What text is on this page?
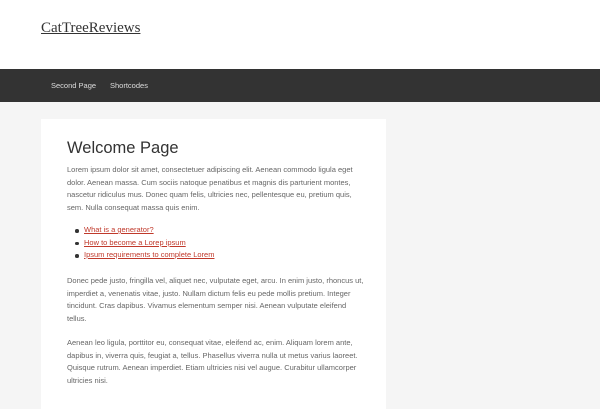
CatTreeReviews
Second Page Shortcodes
Welcome Page

Lorem ipsum dolor sit amet, consectetuer adipiscing elit. Aenean commodo ligula eget

dolor. Aenean massa. Cum sociis natoque penatibus et magnis dis parturient montes,

nascetur ridiculus mus. Donec quam felis, ultricies nec, pellentesque eu, pretium quis,

sem. Nulla consequat massa quis enim.

What is a generator?
How to become a Lorep ipsum
Ipsum requirements to complete Lorem

Donec pede justo, fringilla vel, aliquet nec, vulputate eget, arcu. In enim justo, rhoncus ut,

imperdiet a, venenatis vitae, justo. Nullam dictum felis eu pede mollis pretium. Integer

tincidunt. Cras dapibus. Vivamus elementum semper nisi. Aenean vulputate eleifend

tellus.

Aenean leo ligula, porttitor eu, consequat vitae, eleifend ac, enim. Aliquam lorem ante,

dapibus in, viverra quis, feugiat a, tellus. Phasellus viverra nulla ut metus varius laoreet.

Quisque rutrum. Aenean imperdiet. Etiam ultricies nisi vel augue. Curabitur ullamcorper

ultricies nisi.
